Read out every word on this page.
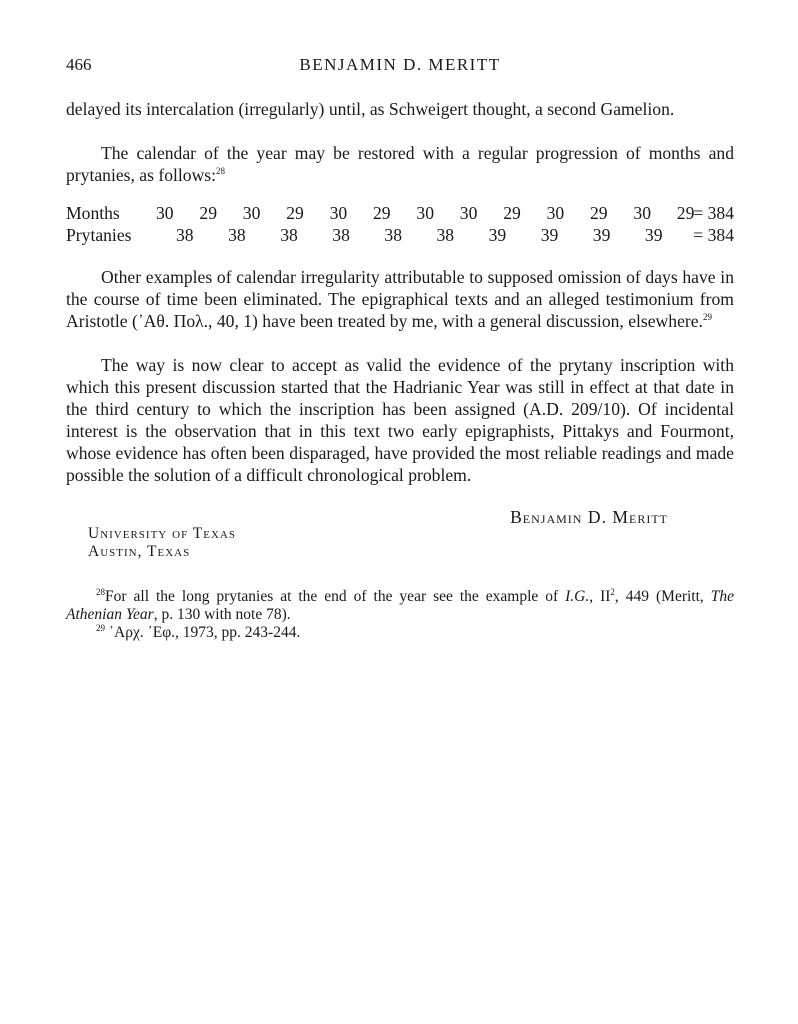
466	BENJAMIN D. MERITT
delayed its intercalation (irregularly) until, as Schweigert thought, a second Gamelion.
The calendar of the year may be restored with a regular progression of months and prytanies, as follows:$^{28}$
Months 30 29 30 29 30 29 30 30 29 30 29 30 29
= 384
Prytanies	38 38 38 38 38 38 39 39 39 39 = 384
Other examples of calendar irregularity attributable to supposed omission of days have in the course of time been eliminated. The epigraphical texts and an alleged testimonium from Aristotle (᾽Αθ. Πολ., 40, 1) have been treated by me, with a general discussion, elsewhere.$^{29}$
The way is now clear to accept as valid the evidence of the prytany inscription with which this present discussion started that the Hadrianic Year was still in effect at that date in the third century to which the inscription has been assigned (A.D. 209/10). Of incidental interest is the observation that in this text two early epigraphists, Pittakys and Fourmont, whose evidence has often been disparaged, have provided the most reliable readings and made possible the solution of a difficult chronological problem.
Benjamin D. Meritt
University of Texas
Austin, Texas
$^{28}$For all the long prytanies at the end of the year see the example of I.G., $II^2$, 449 (Meritt, The Athenian Year, p. 130 with note 78).
$^{29}$ ᾽Αρχ. ᾽Εφ., 1973, pp. 243-244.
